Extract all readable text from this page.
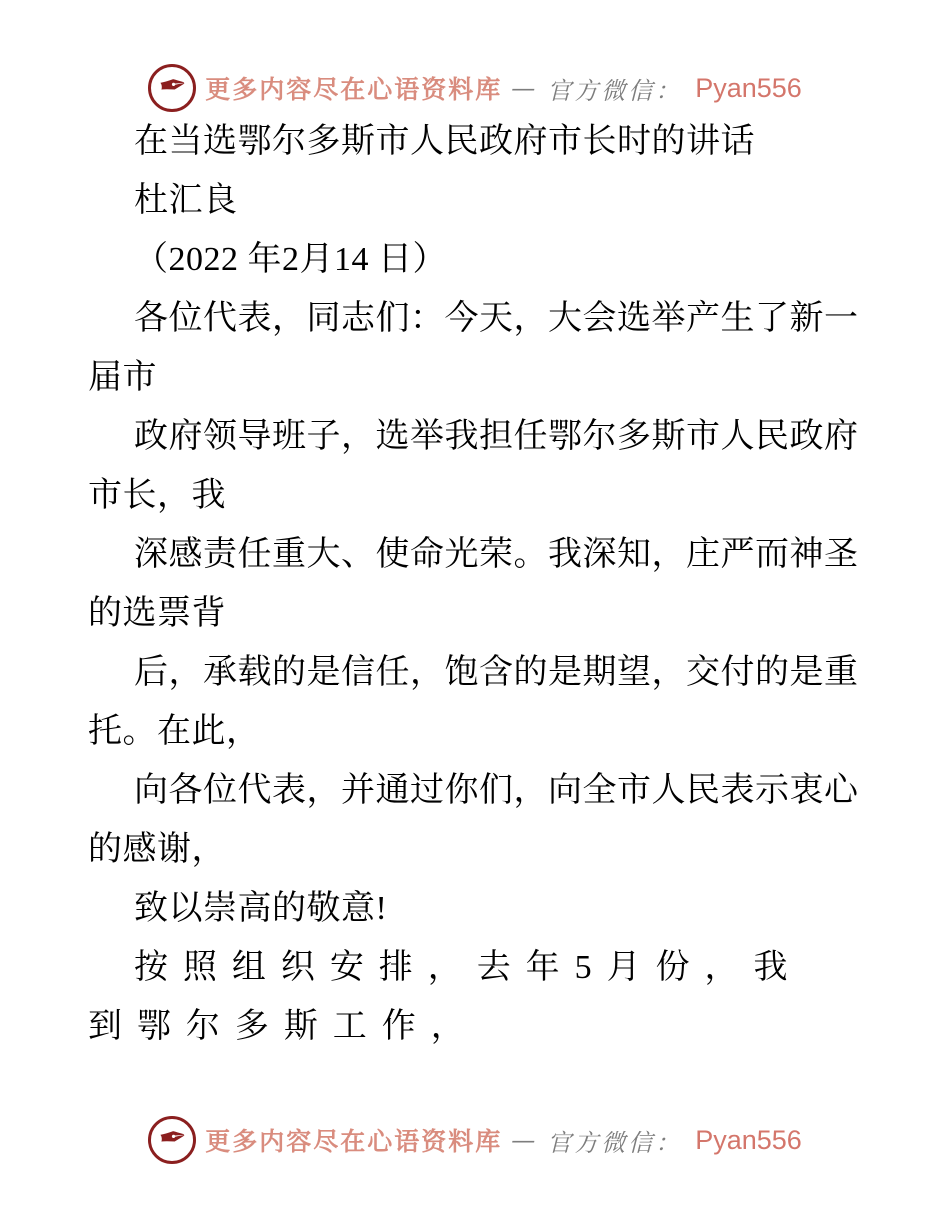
✒ 更多内容尽在心语资料库 — 官方微信： Pyan556
在当选鄂尔多斯市人民政府市长时的讲话
杜汇良
（2022 年2月14 日）
各位代表，同志们：今天，大会选举产生了新一
届市
政府领导班子，选举我担任鄂尔多斯市人民政府
市长，我
深感责任重大、使命光荣。我深知，庄严而神圣
的选票背
后，承载的是信任，饱含的是期望，交付的是重
托。在此，
向各位代表，并通过你们，向全市人民表示衷心
的感谢，
致以崇高的敬意!
按照组织安排，去年5月份，我
到鄂尔多斯工作，
✒ 更多内容尽在心语资料库 — 官方微信： Pyan556
